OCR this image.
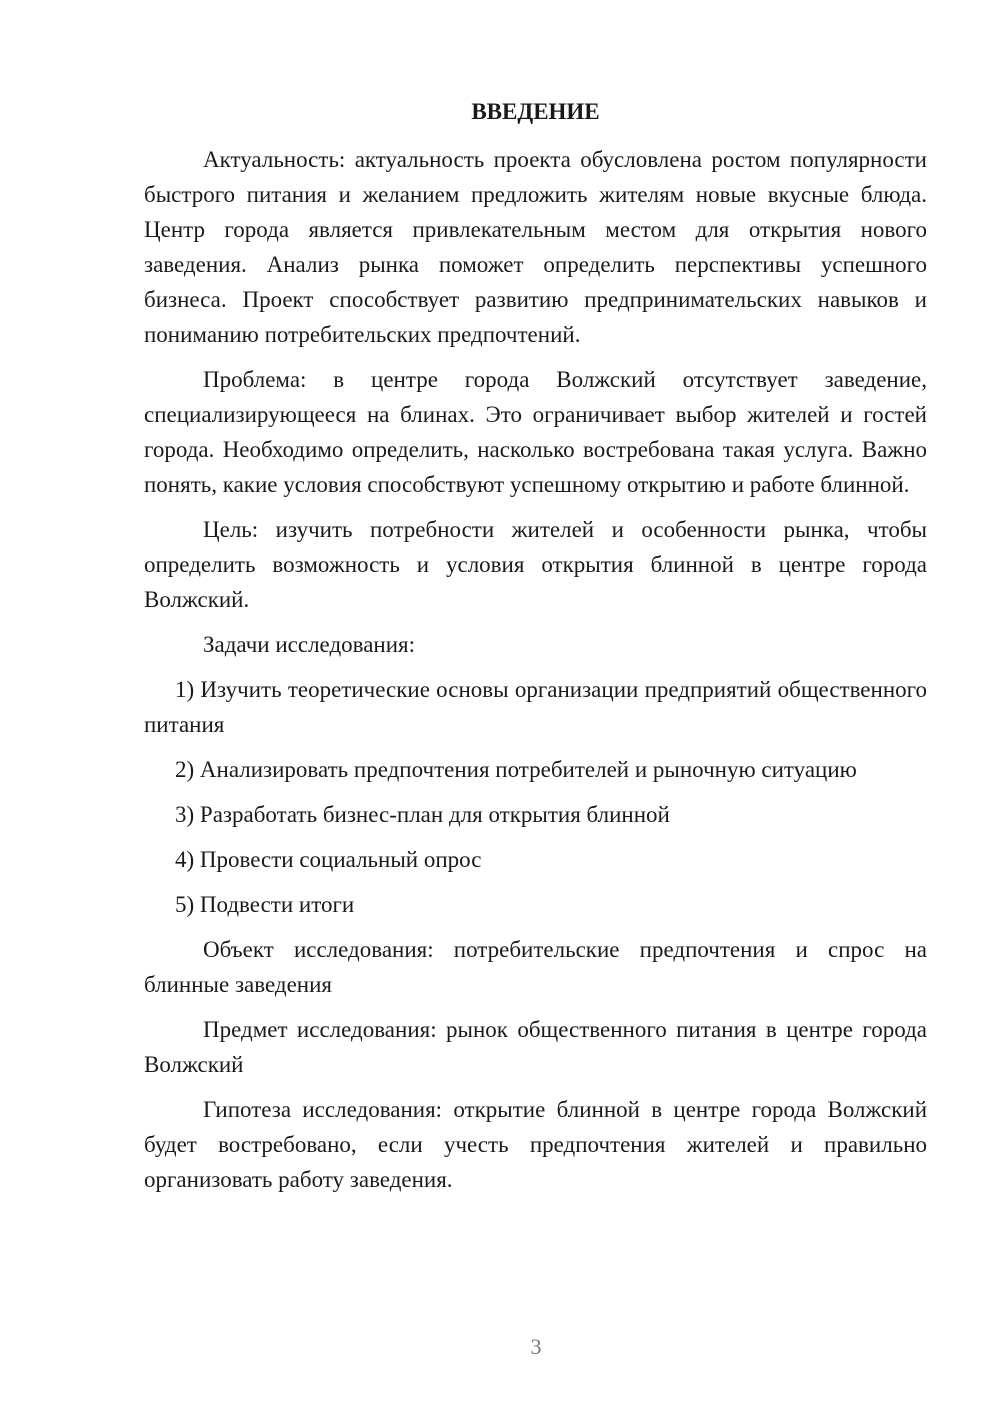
ВВЕДЕНИЕ

Актуальность: актуальность проекта обусловлена ростом популярности быстрого питания и желанием предложить жителям новые вкусные блюда. Центр города является привлекательным местом для открытия нового заведения. Анализ рынка поможет определить перспективы успешного бизнеса. Проект способствует развитию предпринимательских навыков и пониманию потребительских предпочтений.

Проблема: в центре города Волжский отсутствует заведение, специализирующееся на блинах. Это ограничивает выбор жителей и гостей города. Необходимо определить, насколько востребована такая услуга. Важно понять, какие условия способствуют успешному открытию и работе блинной.

Цель: изучить потребности жителей и особенности рынка, чтобы определить возможность и условия открытия блинной в центре города Волжский.

Задачи исследования:

1) Изучить теоретические основы организации предприятий общественного питания

2) Анализировать предпочтения потребителей и рыночную ситуацию

3) Разработать бизнес-план для открытия блинной

4) Провести социальный опрос

5) Подвести итоги

Объект исследования: потребительские предпочтения и спрос на блинные заведения

Предмет исследования: рынок общественного питания в центре города Волжский

Гипотеза исследования: открытие блинной в центре города Волжский будет востребовано, если учесть предпочтения жителей и правильно организовать работу заведения.

3
